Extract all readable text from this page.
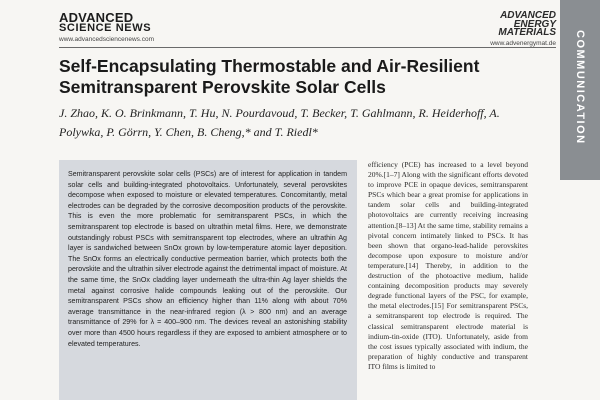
ADVANCED
SCIENCE NEWS
www.advancedsciencenews.com
ADVANCED
ENERGY
MATERIALS
www.advenergymat.de COMMUNICATION
Self-Encapsulating Thermostable and Air-Resilient Semitransparent Perovskite Solar Cells
J. Zhao, K. O. Brinkmann, T. Hu, N. Pourdavoud, T. Becker, T. Gahlmann, R. Heiderhoff, A. Polywka, P. Görrn, Y. Chen, B. Cheng,* and T. Riedl*

Semitransparent perovskite solar cells (PSCs) are of interest for application in tandem solar cells and building-integrated photovoltaics. Unfortunately, several perovskites decompose when exposed to moisture or elevated temperatures. Concomitantly, metal electrodes can be degraded by the corrosive decomposition products of the perovskite. This is even the more problematic for semitransparent PSCs, in which the semitransparent top electrode is based on ultrathin metal films. Here, we demonstrate outstandingly robust PSCs with semitransparent top electrodes, where an ultrathin Ag layer is sandwiched between SnOx grown by low-temperature atomic layer deposition. The SnOx forms an electrically conductive permeation barrier, which protects both the perovskite and the ultrathin silver electrode against the detrimental impact of moisture. At the same time, the SnOx cladding layer underneath the ultra-thin Ag layer shields the metal against corrosive halide compounds leaking out of the perovskite. Our semitransparent PSCs show an efficiency higher than 11% along with about 70% average transmittance in the near-infrared region (λ > 800 nm) and an average transmittance of 29% for λ = 400–900 nm. The devices reveal an astonishing stability over more than 4500 hours regardless if they are exposed to ambient atmosphere or to elevated temperatures.

efficiency (PCE) has increased to a level beyond 20%.[1–7] Along with the significant efforts devoted to improve PCE in opaque devices, semitransparent PSCs which bear a great promise for applications in tandem solar cells and building-integrated photovoltaics are currently receiving increasing attention.[8–13] At the same time, stability remains a pivotal concern intimately linked to PSCs. It has been shown that organo-lead-halide perovskites decompose upon exposure to moisture and/or temperature.[14] Thereby, in addition to the destruction of the photoactive medium, halide containing decomposition products may severely degrade functional layers of the PSC, for example, the metal electrodes.[15] For semitransparent PSCs, a semitransparent top electrode is required. The classical semitransparent electrode material is indium-tin-oxide (ITO). Unfortunately, aside from the cost issues typically associated with indium, the preparation of highly conductive and transparent ITO films is limited to
